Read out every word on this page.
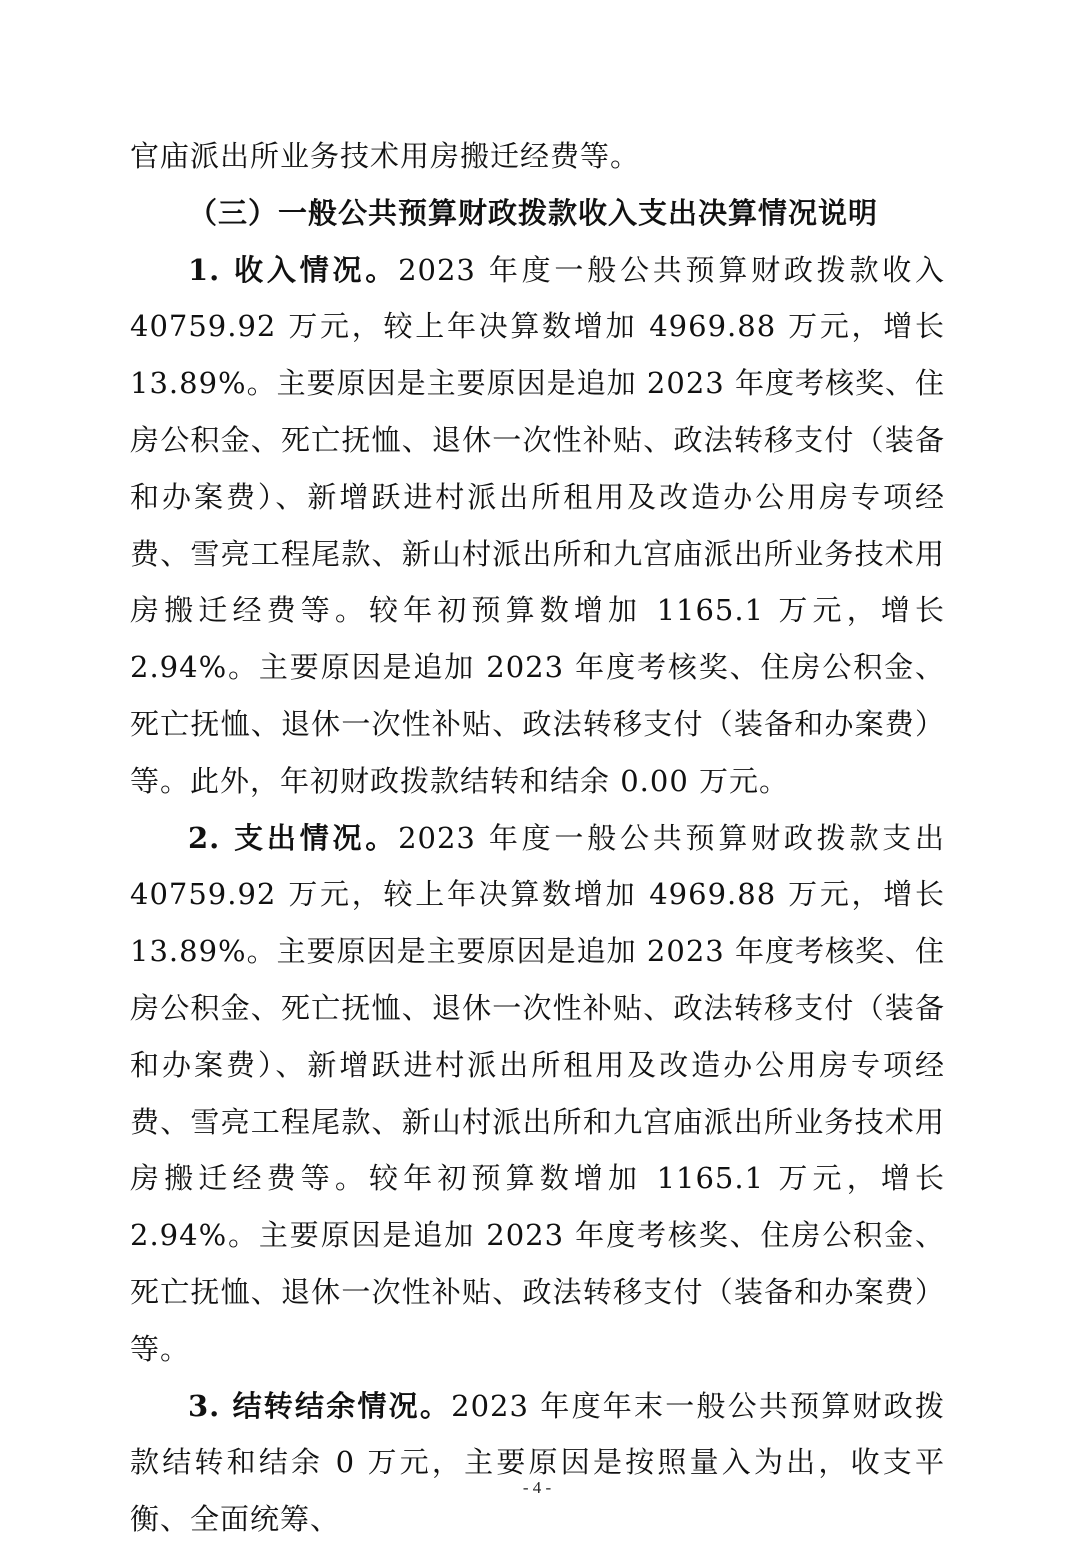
官庙派出所业务技术用房搬迁经费等。

（三）一般公共预算财政拨款收入支出决算情况说明

1. 收入情况。2023 年度一般公共预算财政拨款收入 40759.92 万元，较上年决算数增加 4969.88 万元，增长 13.89%。主要原因是主要原因是追加 2023 年度考核奖、住房公积金、死亡抚恤、退休一次性补贴、政法转移支付（装备和办案费）、新增跃进村派出所租用及改造办公用房专项经费、雪亮工程尾款、新山村派出所和九宫庙派出所业务技术用房搬迁经费等。较年初预算数增加 1165.1 万元，增长 2.94%。主要原因是追加 2023 年度考核奖、住房公积金、死亡抚恤、退休一次性补贴、政法转移支付（装备和办案费）等。此外，年初财政拨款结转和结余 0.00 万元。

2. 支出情况。2023 年度一般公共预算财政拨款支出 40759.92 万元，较上年决算数增加 4969.88 万元，增长 13.89%。主要原因是主要原因是追加 2023 年度考核奖、住房公积金、死亡抚恤、退休一次性补贴、政法转移支付（装备和办案费）、新增跃进村派出所租用及改造办公用房专项经费、雪亮工程尾款、新山村派出所和九宫庙派出所业务技术用房搬迁经费等。较年初预算数增加 1165.1 万元，增长 2.94%。主要原因是追加 2023 年度考核奖、住房公积金、死亡抚恤、退休一次性补贴、政法转移支付（装备和办案费）等。

3. 结转结余情况。2023 年度年末一般公共预算财政拨款结转和结余 0 万元，主要原因是按照量入为出，收支平衡、全面统筹、

- 4 -
